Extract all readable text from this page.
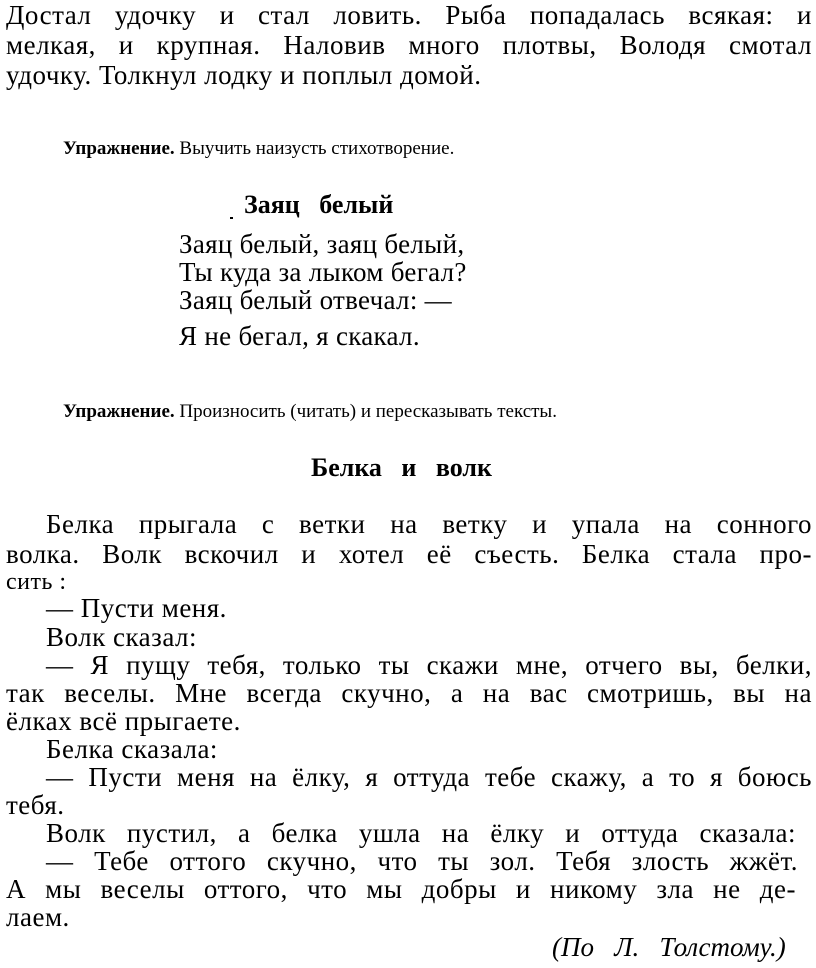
Достал удочку и стал ловить. Рыба попадалась всякая: и
мелкая, и крупная. Наловив много плотвы, Володя смотал
удочку. Толкнул лодку и поплыл домой.
Упражнение. Выучить наизусть стихотворение.
Заяц   белый
Заяц белый, заяц белый,
Ты куда за лыком бегал?
Заяц белый отвечал: —
Я не бегал, я скакал.
Упражнение. Произносить (читать) и пересказывать тексты.
Белка   и   волк
Белка прыгала с ветки на ветку и упала на сонного
волка. Волк вскочил и хотел её съесть. Белка стала про-
сить :
— Пусти меня.
Волк сказал:
— Я пущу тебя, только ты скажи мне, отчего вы, белки,
так веселы. Мне всегда скучно, а на вас смотришь, вы на
ёлках всё прыгаете.
Белка сказала:
— Пусти меня на ёлку, я оттуда тебе скажу, а то я боюсь
тебя.
Волк пустил, а белка ушла на ёлку и оттуда сказала:
— Тебе оттого скучно, что ты зол. Тебя злость жжёт.
А мы веселы оттого, что мы добры и никому зла не де-
лаем.
(По   Л.   Толстому.)
